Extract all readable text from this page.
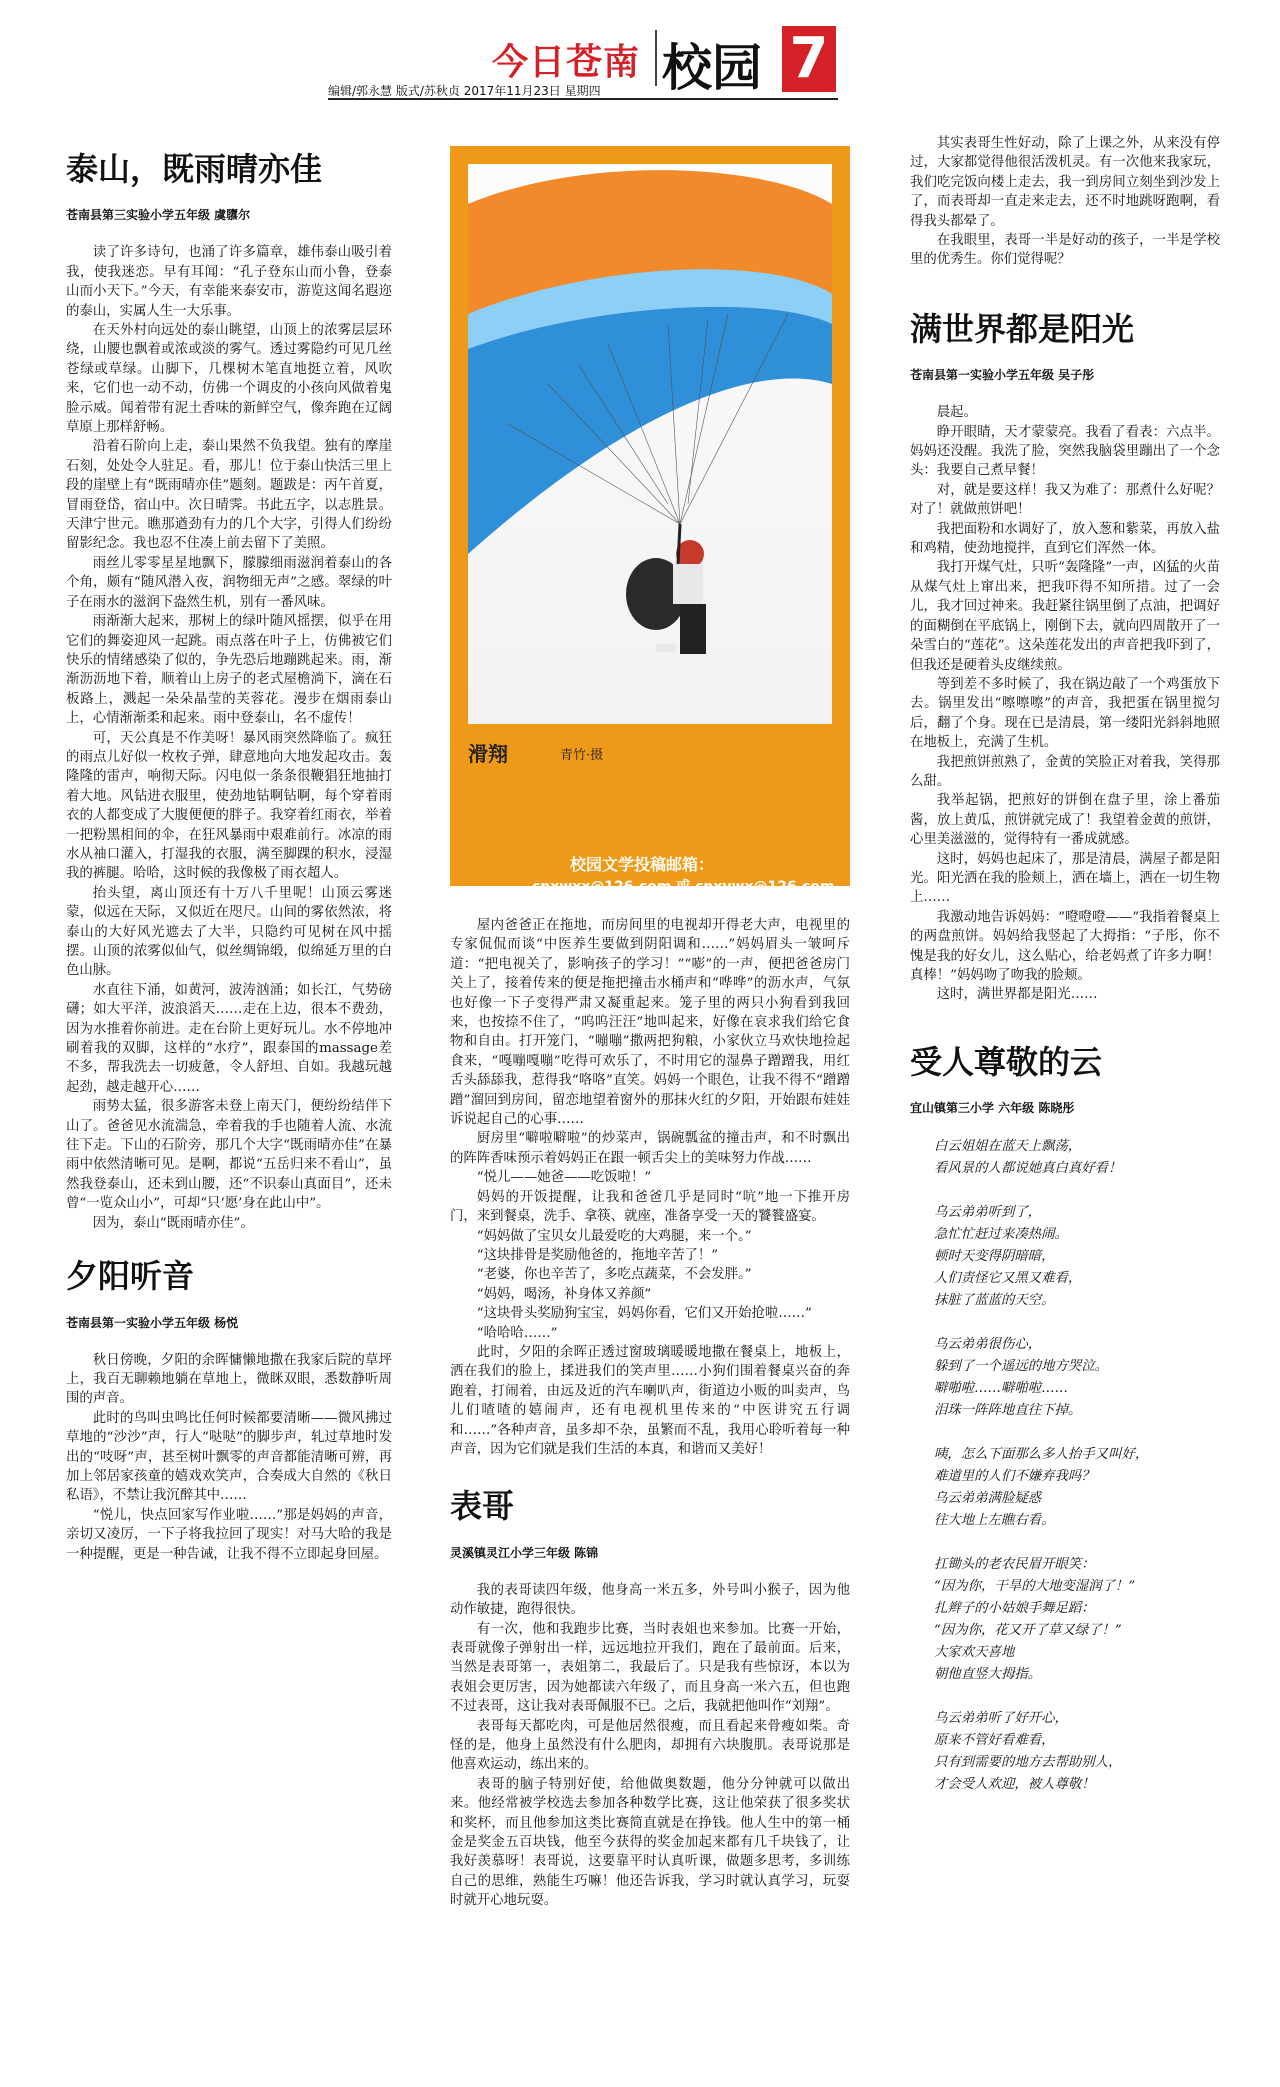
今日苍南 校园 7
编辑/郭永慧 版式/苏秋贞 2017年11月23日 星期四
泰山，既雨晴亦佳
苍南县第三实验小学五年级 虞隳尔

读了许多诗句，也涌了许多篇章，雄伟泰山吸引着我，使我迷恋。早有耳闻：“孔子登东山而小鲁，登泰山而小天下。”今天，有幸能来泰安市，游览这闻名遐迩的泰山，实属人生一大乐事。

在天外村向远处的泰山眺望，山顶上的浓雾层层环绕，山腰也飘着或浓或淡的雾气。透过雾隐约可见几丝苍绿或草绿。山脚下，几棵树木笔直地挺立着，风吹来，它们也一动不动，仿佛一个调皮的小孩向风做着鬼脸示威。闻着带有泥土香味的新鲜空气，像奔跑在辽阔草原上那样舒畅。

沿着石阶向上走，泰山果然不负我望。独有的摩崖石刻，处处令人驻足。看，那儿！位于泰山快活三里上段的崖壁上有“既雨晴亦佳”题刻。题跋是：丙午首夏，冒雨登岱，宿山中。次日晴霁。书此五字，以志胜景。天津宁世元。瞧那遒劲有力的几个大字，引得人们纷纷留影纪念。我也忍不住凑上前去留下了美照。

雨丝儿零零星星地飘下，朦朦细雨滋润着泰山的各个角，颇有“随风潜入夜，润物细无声”之感。翠绿的叶子在雨水的滋润下盎然生机，别有一番风味。

雨渐渐大起来，那树上的绿叶随风摇摆，似乎在用它们的舞姿迎风一起跳。雨点落在叶子上，仿佛被它们快乐的情绪感染了似的，争先恐后地蹦跳起来。雨，渐渐沥沥地下着，顺着山上房子的老式屋檐淌下，滴在石板路上，溅起一朵朵晶莹的芙蓉花。漫步在烟雨泰山上，心情渐渐柔和起来。雨中登泰山，名不虚传！

可，天公真是不作美呀！暴风雨突然降临了。疯狂的雨点儿好似一枚枚子弹，肆意地向大地发起攻击。轰隆隆的雷声，响彻天际。闪电似一条条很鞭猖狂地抽打着大地。风钻进衣服里，使劲地钻啊钻啊，每个穿着雨衣的人都变成了大腹便便的胖子。我穿着红雨衣，举着一把粉黑相间的伞，在狂风暴雨中艰难前行。冰凉的雨水从袖口灌入，打湿我的衣服，满至脚踝的积水，浸湿我的裤腿。哈哈，这时候的我像极了雨衣超人。

抬头望，离山顶还有十万八千里呢！山顶云雾迷蒙，似远在天际，又似近在咫尺。山间的雾依然浓，将泰山的大好风光遮去了大半，只隐约可见树在风中摇摆。山顶的浓雾似仙气，似丝绸锦缎，似绵延万里的白色山脉。

水直往下涌，如黄河，波涛汹涌；如长江，气势磅礴；如大平洋，波浪滔天……走在上边，很本不费劲，因为水推着你前进。走在台阶上更好玩儿。水不停地冲刷着我的双脚，这样的“水疗”，跟泰国的massage差不多，帮我洗去一切疲惫，令人舒坦、自如。我越玩越起劲，越走越开心……

雨势太猛，很多游客未登上南天门，便纷纷结伴下山了。爸爸见水流湍急，牵着我的手也随着人流、水流往下走。下山的石阶旁，那几个大字“既雨晴亦佳”在暴雨中依然清晰可见。是啊，都说“五岳归来不看山”，虽然我登泰山，还未到山腰，还“不识泰山真面目”，还未曾“一览众山小”，可却“只‘愿’身在此山中”。

因为，泰山“既雨晴亦佳”。

夕阳听音
苍南县第一实验小学五年级 杨悦

秋日傍晚，夕阳的余晖慵懒地撒在我家后院的草坪上，我百无聊赖地躺在草地上，微眯双眼，悉数静听周围的声音。

此时的鸟叫虫鸣比任何时候都要清晰——微风拂过草地的“沙沙”声，行人“哒哒”的脚步声，轧过草地时发出的“吱呀”声，甚至树叶飘零的声音都能清晰可辨，再加上邻居家孩童的嬉戏欢笑声，合奏成大自然的《秋日私语》，不禁让我沉醉其中……

“悦儿，快点回家写作业啦……”那是妈妈的声音，亲切又凌厉，一下子将我拉回了现实！对马大哈的我是一种提醒，更是一种告诫，让我不得不立即起身回屋。

滑翔	青竹·摄
校园文学投稿邮箱：
cnxwxx@126.com 或 cnxywx@126.com

屋内爸爸正在拖地，而房间里的电视却开得老大声，电视里的专家侃侃而谈“中医养生要做到阴阳调和……”妈妈眉头一皱呵斥道：“把电视关了，影响孩子的学习！”“嘭”的一声，便把爸爸房门关上了，接着传来的便是拖把撞击水桶声和“哗哗”的沥水声，气氛也好像一下子变得严肃又凝重起来。笼子里的两只小狗看到我回来，也按捺不住了，“呜呜汪汪”地叫起来，好像在哀求我们给它食物和自由。打开笼门，“嘣嘣”撒两把狗粮，小家伙立马欢快地捡起食来，“嘎嘣嘎嘣”吃得可欢乐了，不时用它的湿鼻子蹭蹭我，用红舌头舔舔我，惹得我“咯咯”直笑。妈妈一个眼色，让我不得不“蹭蹭蹭”溜回到房间，留恋地望着窗外的那抹火红的夕阳，开始跟布娃娃诉说起自己的心事……

厨房里“噼啦噼啦”的炒菜声，锅碗瓢盆的撞击声，和不时飘出的阵阵香味预示着妈妈正在跟一顿舌尖上的美味努力作战……

“悦儿——她爸——吃饭啦！”

妈妈的开饭提醒，让我和爸爸几乎是同时“吭”地一下推开房门，来到餐桌，洗手、拿筷、就座，准备享受一天的饕餮盛宴。

“妈妈做了宝贝女儿最爱吃的大鸡腿，来一个。”

“这块排骨是奖励他爸的，拖地辛苦了！”

“老婆，你也辛苦了，多吃点蔬菜，不会发胖。”

“妈妈，喝汤，补身体又养颜”

“这块骨头奖励狗宝宝，妈妈你看，它们又开始抢啦……”

“哈哈哈……”

此时，夕阳的余晖正透过窗玻璃暖暖地撒在餐桌上，地板上，洒在我们的脸上，揉进我们的笑声里……小狗们围着餐桌兴奋的奔跑着，打闹着，由远及近的汽车喇叭声，街道边小贩的叫卖声，鸟儿们喳喳的嬉闹声，还有电视机里传来的“中医讲究五行调和……”各种声音，虽多却不杂，虽繁而不乱，我用心聆听着每一种声音，因为它们就是我们生活的本真，和谐而又美好！

表哥
灵溪镇灵江小学三年级 陈锦

我的表哥读四年级，他身高一米五多，外号叫小猴子，因为他动作敏捷，跑得很快。

有一次，他和我跑步比赛，当时表姐也来参加。比赛一开始，表哥就像子弹射出一样，远远地拉开我们，跑在了最前面。后来，当然是表哥第一，表姐第二，我最后了。只是我有些惊讶，本以为表姐会更厉害，因为她都读六年级了，而且身高一米六五，但也跑不过表哥，这让我对表哥佩服不已。之后，我就把他叫作“刘翔”。

表哥每天都吃肉，可是他居然很瘦，而且看起来骨瘦如柴。奇怪的是，他身上虽然没有什么肥肉，却拥有六块腹肌。表哥说那是他喜欢运动，练出来的。

表哥的脑子特别好使，给他做奥数题，他分分钟就可以做出来。他经常被学校选去参加各种数学比赛，这让他荣获了很多奖状和奖杯，而且他参加这类比赛简直就是在挣钱。他人生中的第一桶金是奖金五百块钱，他至今获得的奖金加起来都有几千块钱了，让我好羡慕呀！表哥说，这要靠平时认真听课，做题多思考，多训练自己的思维，熟能生巧嘛！他还告诉我，学习时就认真学习，玩耍时就开心地玩耍。

其实表哥生性好动，除了上课之外，从来没有停过，大家都觉得他很活泼机灵。有一次他来我家玩，我们吃完饭向楼上走去，我一到房间立刻坐到沙发上了，而表哥却一直走来走去，还不时地跳呀跑啊，看得我头都晕了。

在我眼里，表哥一半是好动的孩子，一半是学校里的优秀生。你们觉得呢？

满世界都是阳光
苍南县第一实验小学五年级 吴子彤

晨起。

睁开眼睛，天才蒙蒙亮。我看了看表：六点半。妈妈还没醒。我洗了脸，突然我脑袋里蹦出了一个念头：我要自己煮早餐！

对，就是要这样！我又为难了：那煮什么好呢？对了！就做煎饼吧！

我把面粉和水调好了，放入葱和紫菜，再放入盐和鸡精，使劲地搅拌，直到它们浑然一体。

我打开煤气灶，只听“轰隆隆”一声，凶猛的火苗从煤气灶上窜出来，把我吓得不知所措。过了一会儿，我才回过神来。我赶紧往锅里倒了点油，把调好的面糊倒在平底锅上，刚倒下去，就向四周散开了一朵雪白的“莲花”。这朵莲花发出的声音把我吓到了，但我还是硬着头皮继续煎。

等到差不多时候了，我在锅边敲了一个鸡蛋放下去。锅里发出“嚓嚓嚓”的声音，我把蛋在锅里搅匀后，翻了个身。现在已是清晨，第一缕阳光斜斜地照在地板上，充满了生机。

我把煎饼煎熟了，金黄的笑脸正对着我，笑得那么甜。

我举起锅，把煎好的饼倒在盘子里，涂上番茄酱，放上黄瓜，煎饼就完成了！我望着金黄的煎饼，心里美滋滋的，觉得特有一番成就感。

这时，妈妈也起床了，那是清晨，满屋子都是阳光。阳光洒在我的脸颊上，洒在墙上，洒在一切生物上……

我激动地告诉妈妈：“噔噔噔——”我指着餐桌上的两盘煎饼。妈妈给我竖起了大拇指：“子彤，你不愧是我的好女儿，这么贴心，给老妈煮了许多力啊！真棒！”妈妈吻了吻我的脸颊。

这时，满世界都是阳光……

受人尊敬的云
宜山镇第三小学 六年级 陈晓彤

白云姐姐在蓝天上飘荡，

看风景的人都说她真白真好看！

乌云弟弟听到了，

急忙忙赶过来凑热闹。

顿时天变得阴暗暗，

人们责怪它又黑又难看，

抹脏了蓝蓝的天空。

乌云弟弟很伤心，

躲到了一个遥远的地方哭泣。

噼啪啦……噼啪啦……

泪珠一阵阵地直往下掉。

咦，怎么下面那么多人抬手又叫好，

难道里的人们不嫌弃我吗？

乌云弟弟满脸疑惑

往大地上左瞧右看。

扛锄头的老农民眉开眼笑：

“因为你，干旱的大地变湿润了！”

扎辫子的小姑娘手舞足蹈：

“因为你，花又开了草又绿了！”

大家欢天喜地

朝他直竖大拇指。

乌云弟弟听了好开心，

原来不管好看难看，

只有到需要的地方去帮助别人，

才会受人欢迎，被人尊敬！
